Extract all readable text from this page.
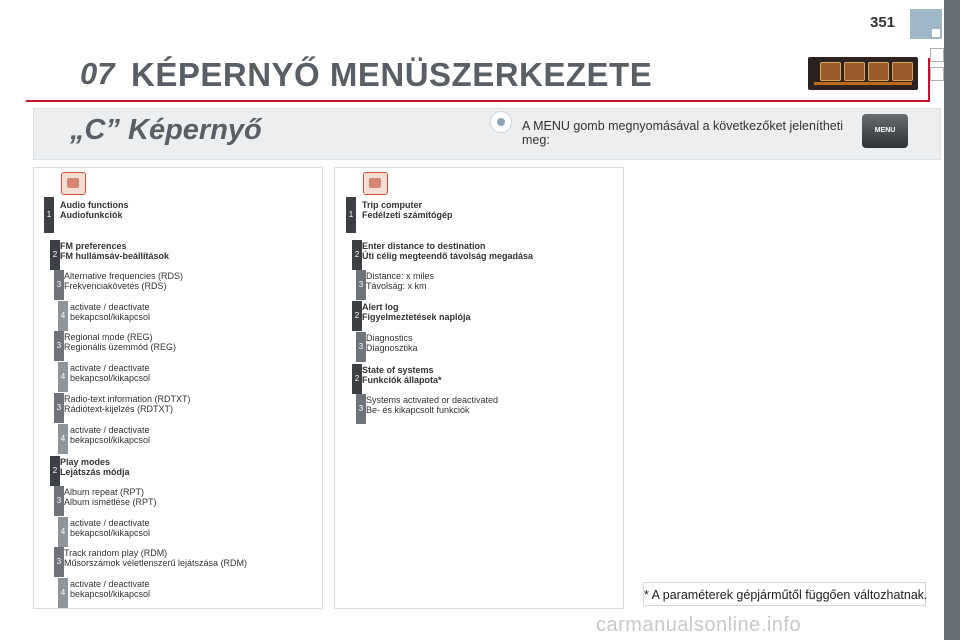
351
07 KÉPERNYŐ MENÜSZERKEZETE
„C” Képernyő	A MENU gomb megnyomásával a következőket jelenítheti meg:
MENU
1
Audio functions
Audiofunkciók
2
FM preferences
FM hullámsáv-beállítások
3
Alternative frequencies (RDS)
Frekvenciakövetés (RDS)
4
activate / deactivate
bekapcsol/kikapcsol
3
Regional mode (REG)
Regionális üzemmód (REG)
4
activate / deactivate
bekapcsol/kikapcsol
3
Radio-text information (RDTXT)
Rádiótext-kijelzés (RDTXT)
4
activate / deactivate
bekapcsol/kikapcsol
2
Play modes
Lejátszás módja
3
Album repeat (RPT)
Album ismétlése (RPT)
4
activate / deactivate
bekapcsol/kikapcsol
3
Track random play (RDM)
Műsorszámok véletlenszerű lejátszása (RDM)
4
activate / deactivate
bekapcsol/kikapcsol
1
Trip computer
Fedélzeti számítógép
2
Enter distance to destination
Úti célig megteendő távolság megadása
3
Distance: x miles
Távolság: x km
2
Alert log
Figyelmeztetések naplója
3
Diagnostics
Diagnosztika
2
State of systems
Funkciók állapota*
3
Systems activated or deactivated
Be- és kikapcsolt funkciók
* A paraméterek gépjárműtől függően változhatnak.
carmanualsonline.info
